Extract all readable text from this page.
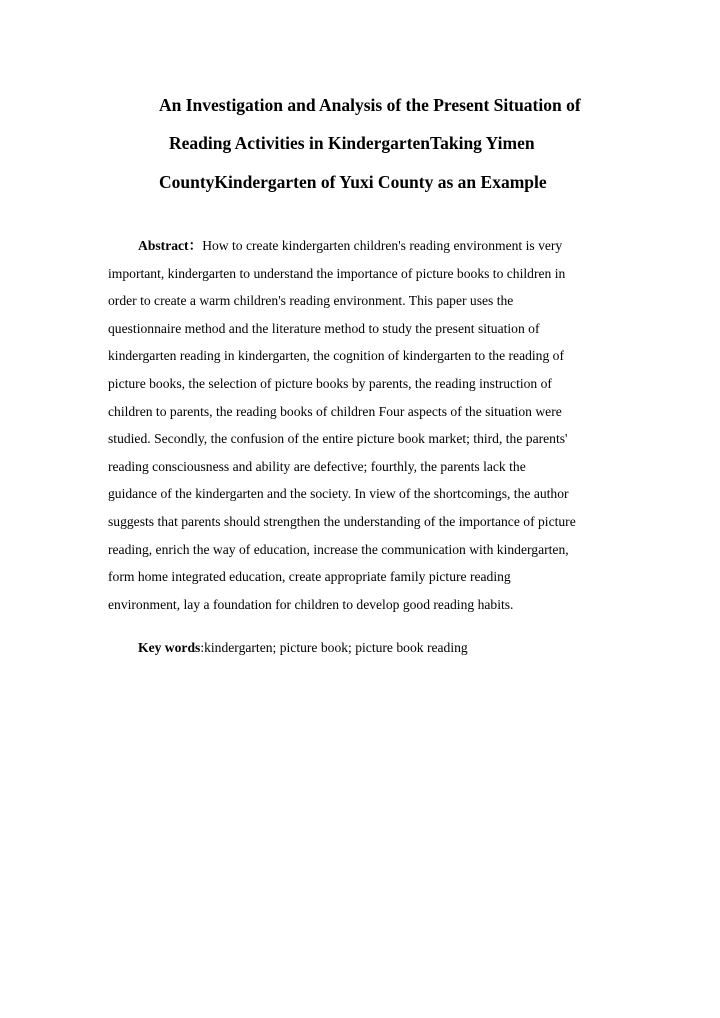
An Investigation and Analysis of the Present Situation of
Reading Activities in KindergartenTaking Yimen
CountyKindergarten of Yuxi County as an Example
Abstract：How to create kindergarten children's reading environment is very
important, kindergarten to understand the importance of picture books to children in
order to create a warm children's reading environment. This paper uses the
questionnaire method and the literature method to study the present situation of
kindergarten reading in kindergarten, the cognition of kindergarten to the reading of
picture books, the selection of picture books by parents, the reading instruction of
children to parents, the reading books of children Four aspects of the situation were
studied. Secondly, the confusion of the entire picture book market; third, the parents'
reading consciousness and ability are defective; fourthly, the parents lack the
guidance of the kindergarten and the society. In view of the shortcomings, the author
suggests that parents should strengthen the understanding of the importance of picture
reading, enrich the way of education, increase the communication with kindergarten,
form home integrated education, create appropriate family picture reading
environment, lay a foundation for children to develop good reading habits.
Key words:kindergarten; picture book; picture book reading
